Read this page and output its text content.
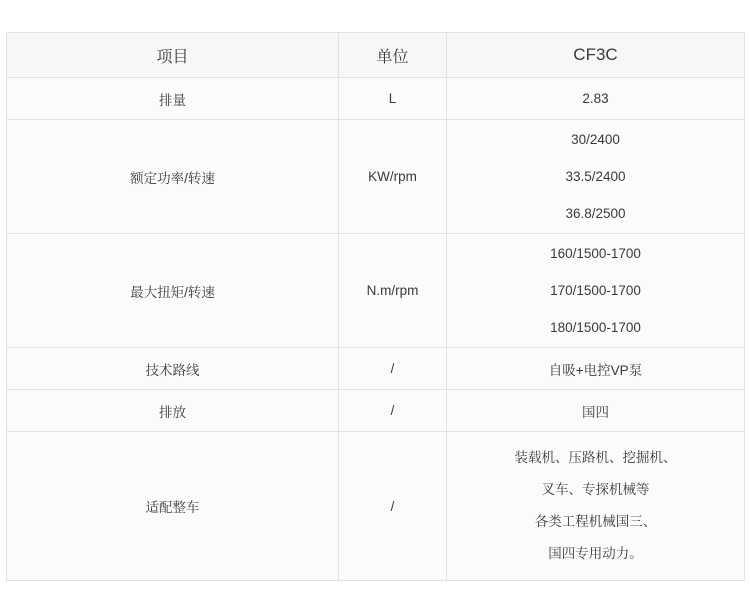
项目	单位	CF3C
排量	L	2.83
额定功率/转速	KW/rpm	30/2400
33.5/2400
36.8/2500

最大扭矩/转速	N.m/rpm	160/1500-1700
170/1500-1700
180/1500-1700

技术路线	/	自吸+电控VP泵
排放	/	国四
适配整车	/	装载机、压路机、挖掘机、
叉车、专探机械等
各类工程机械国三、
国四专用动力。
